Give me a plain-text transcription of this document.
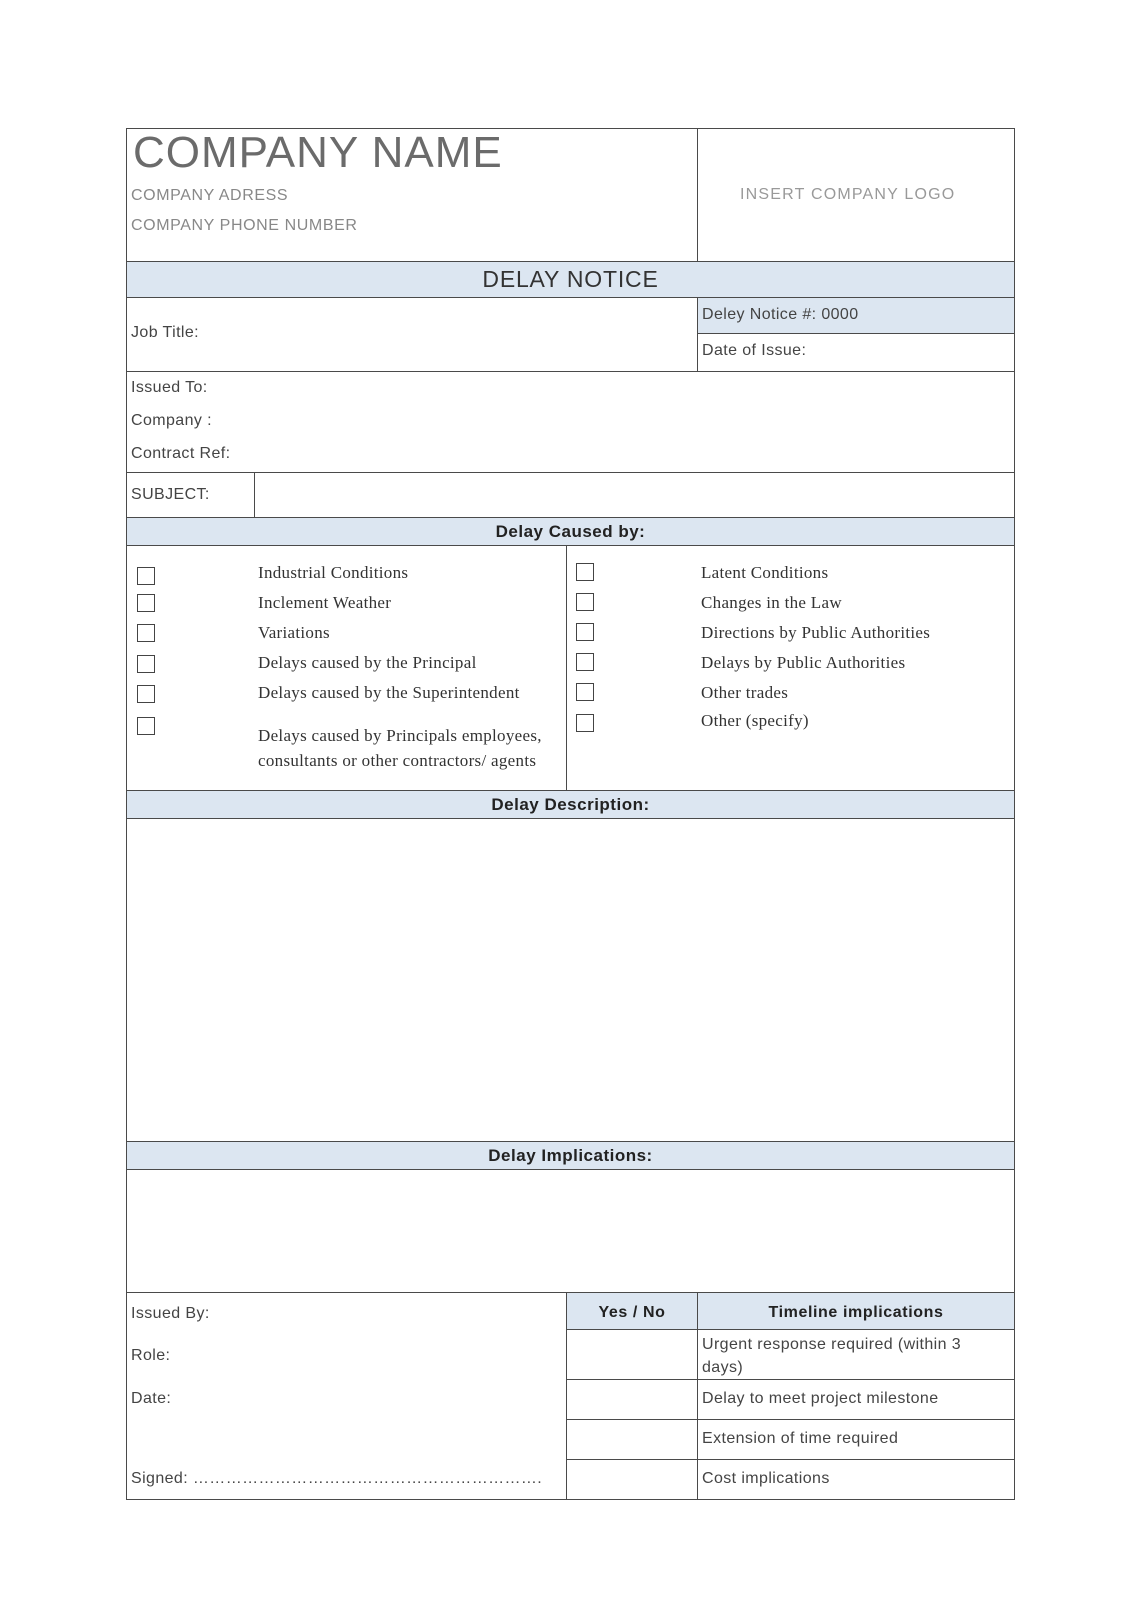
COMPANY NAME
COMPANY ADRESS
COMPANY PHONE NUMBER
INSERT COMPANY LOGO
DELAY NOTICE
Job Title:
Deley Notice #: 0000
Date of Issue:
Issued To:
Company :
Contract Ref:
SUBJECT:
Delay Caused by:
Industrial Conditions
Inclement Weather
Variations
Delays caused by the Principal
Delays caused by the Superintendent
Delays caused by Principals employees,
consultants or other contractors/ agents
Latent Conditions
Changes in the Law
Directions by Public Authorities
Delays by Public Authorities
Other trades
Other (specify)
Delay Description:
Delay Implications:
Yes / No	Timeline implications
Urgent response required (within 3
days)
Delay to meet project milestone
Extension of time required
Cost implications
Issued By:
Role:
Date:
Signed: ……………………………………………………….
